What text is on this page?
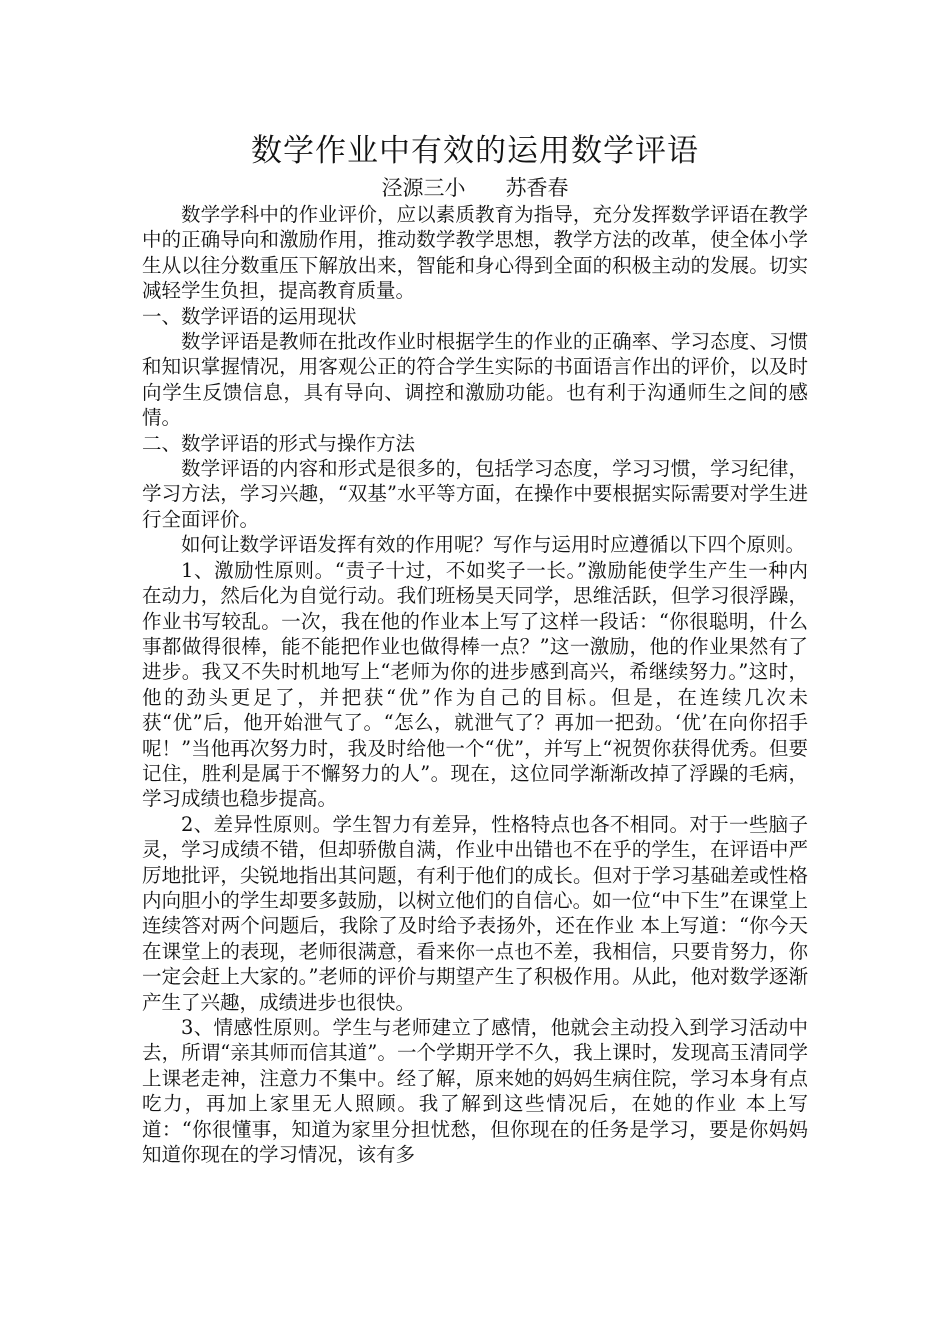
数学作业中有效的运用数学评语

泾源三小      苏香春

数学学科中的作业评价，应以素质教育为指导，充分发挥数学评语在教学中的正确导向和激励作用，推动数学教学思想，教学方法的改革，使全体小学生从以往分数重压下解放出来，智能和身心得到全面的积极主动的发展。切实减轻学生负担，提高教育质量。

一、数学评语的运用现状

数学评语是教师在批改作业时根据学生的作业的正确率、学习态度、习惯和知识掌握情况，用客观公正的符合学生实际的书面语言作出的评价，以及时向学生反馈信息，具有导向、调控和激励功能。也有利于沟通师生之间的感情。

二、数学评语的形式与操作方法

数学评语的内容和形式是很多的，包括学习态度，学习习惯，学习纪律，学习方法，学习兴趣，“双基”水平等方面，在操作中要根据实际需要对学生进行全面评价。

如何让数学评语发挥有效的作用呢？写作与运用时应遵循以下四个原则。

1、激励性原则。“责子十过，不如奖子一长。”激励能使学生产生一种内在动力，然后化为自觉行动。我们班杨昊天同学，思维活跃，但学习很浮躁，作业书写较乱。一次，我在他的作业本上写了这样一段话：“你很聪明，什么事都做得很棒，能不能把作业也做得棒一点？”这一激励，他的作业果然有了进步。我又不失时机地写上“老师为你的进步感到高兴，希继续努力。”这时，他的劲头更足了，并把获“优”作为自己的目标。但是，在连续几次未获“优”后，他开始泄气了。“怎么，就泄气了？再加一把劲。‘优’在向你招手呢！”当他再次努力时，我及时给他一个“优”，并写上“祝贺你获得优秀。但要记住，胜利是属于不懈努力的人”。现在，这位同学渐渐改掉了浮躁的毛病，学习成绩也稳步提高。

2、差异性原则。学生智力有差异，性格特点也各不相同。对于一些脑子灵，学习成绩不错，但却骄傲自满，作业中出错也不在乎的学生，在评语中严厉地批评，尖锐地指出其问题，有利于他们的成长。但对于学习基础差或性格内向胆小的学生却要多鼓励，以树立他们的自信心。如一位“中下生”在课堂上连续答对两个问题后，我除了及时给予表扬外，还在作业 本上写道：“你今天在课堂上的表现，老师很满意，看来你一点也不差，我相信，只要肯努力，你一定会赶上大家的。”老师的评价与期望产生了积极作用。从此，他对数学逐渐产生了兴趣，成绩进步也很快。

3、情感性原则。学生与老师建立了感情，他就会主动投入到学习活动中去，所谓“亲其师而信其道”。一个学期开学不久，我上课时，发现高玉清同学上课老走神，注意力不集中。经了解，原来她的妈妈生病住院，学习本身有点吃力，再加上家里无人照顾。我了解到这些情况后，在她的作业 本上写道：“你很懂事，知道为家里分担忧愁，但你现在的任务是学习，要是你妈妈知道你现在的学习情况，该有多
